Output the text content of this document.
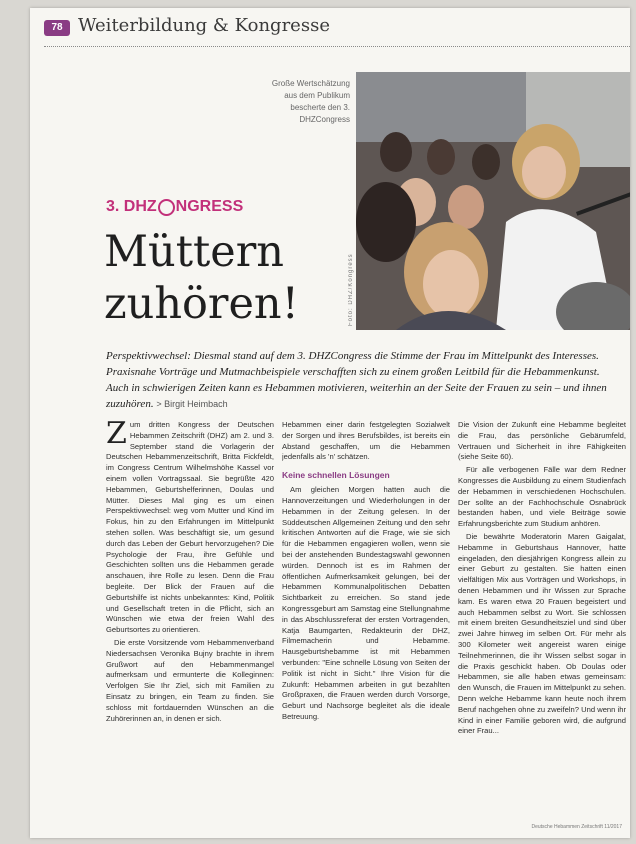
78 Weiterbildung & Kongresse
Große Wertschätzung aus dem Publikum bescherte den 3. DHZCongress
Foto: DHZ/Kongress
3. DHZ NGRESS
Müttern
zuhören!
Perspektivwechsel: Diesmal stand auf dem 3. DHZCongress die Stimme der Frau im Mittelpunkt des Interesses. Praxisnahe Vorträge und Mutmachbeispiele verschafften sich zu einem großen Leitbild für die Hebammenkunst. Auch in schwierigen Zeiten kann es Hebammen motivieren, weiterhin an der Seite der Frauen zu sein – und ihnen zuzuhören. > Birgit Heimbach

Zum dritten Kongress der Deutschen Hebammen Zeitschrift (DHZ) am 2. und 3. September stand die Vorlagerin der Deutschen Hebammenzeitschrift, Britta Fickfeldt, im Congress Centrum Wilhelmshöhe Kassel vor einem vollen Vortragssaal. Sie begrüßte 420 Hebammen, Geburtshelferinnen, Doulas und Mütter. Dieses Mal ging es um einen Perspektivwechsel: weg vom Mutter und Kind im Fokus, hin zu den Erfahrungen im Mittelpunkt stehen sollen. Was beschäftigt sie, um gesund durch das Leben der Geburt hervorzugehen? Die Psychologie der Frau, ihre Gefühle und Geschichten sollten uns die Hebammen gerade anschauen, ihre Rolle zu lesen. Denn die Frau begleite. Der Blick der Frauen auf die Geburtshilfe ist nichts unbekanntes: Kind, Politik und Gesellschaft treten in die Pflicht, sich an Wünschen wie etwa der freien Wahl des Geburtsortes zu orientieren.

Die erste Vorsitzende vom Hebammenverband Niedersachsen Veronika Bujny brachte in ihrem Grußwort auf den Hebammenmangel aufmerksam und ermunterte die Kolleginnen: Verfolgen Sie Ihr Ziel, sich mit Familien zu Einsatz zu bringen, ein Team zu finden. Sie schloss mit fortdauernden Wünschen an die Zuhörerinnen an, in denen er sich.

Hebammen einer darin festgelegten Sozialwelt der Sorgen und ihres Berufsbildes, ist bereits ein Abstand geschaffen, um die Hebammen jedenfalls als 'n' schätzen.

Keine schnellen Lösungen

Am gleichen Morgen hatten auch die Hannoverzeitungen und Wiederholungen in der Hebammen in der Zeitung gelesen. In der Süddeutschen Allgemeinen Zeitung und den sehr kritischen Antworten auf die Frage, wie sie sich für die Hebammen engagieren wollen, wenn sie bei der anstehenden Bundestagswahl gewonnen würden. Dennoch ist es im Rahmen der öffentlichen Aufmerksamkeit gelungen, bei der Hebammen Kommunalpolitischen Debatten Sichtbarkeit zu erreichen. So stand jede Kongressgeburt am Samstag eine Stellungnahme in das Abschlussreferat der ersten Vortragenden, Katja Baumgarten, Redakteurin der DHZ, Filmemacherin und Hebamme. Hausgeburtshebamme ist mit Hebammen verbunden: "Eine schnelle Lösung von Seiten der Politik ist nicht in Sicht." Ihre Vision für die Zukunft: Hebammen arbeiten in gut bezahlten Großpraxen, die Frauen werden durch Vorsorge, Geburt und Nachsorge begleitet als die ideale Betreuung.

Die Vision der Zukunft eine Hebamme begleitet die Frau, das persönliche Gebärumfeld, Vertrauen und Sicherheit in ihre Fähigkeiten (siehe Seite 60).

Für alle verbogenen Fälle war dem Redner Kongresses die Ausbildung zu einem Studienfach der Hebammen in verschiedenen Hochschulen. Der sollte an der Fachhochschule Osnabrück bestanden haben, und viele Beiträge sowie Erfahrungsberichte zum Studium anhören.

Die bewährte Moderatorin Maren Gaigalat, Hebamme in Geburtshaus Hannover, hatte eingeladen, den diesjährigen Kongress allein zu einer Geburt zu gestalten. Sie hatten einen vielfältigen Mix aus Vorträgen und Workshops, in denen Hebammen und ihr Wissen zur Sprache kam. Es waren etwa 20 Frauen begeistert und auch Hebammen selbst zu Wort. Sie schlossen mit einem breiten Gesundheitsziel und sind über zwei Jahre hinweg im selben Ort. Für mehr als 300 Kilometer weit angereist waren einige Teilnehmerinnen, die ihr Wissen selbst sogar in die Praxis geschickt haben. Ob Doulas oder Hebammen, sie alle haben etwas gemeinsam: den Wunsch, die Frauen im Mittelpunkt zu sehen. Denn welche Hebamme kann heute noch ihrem Beruf nachgehen ohne zu zweifeln? Und wenn ihr Kind in einer Familie geboren wird, die aufgrund einer Frau...

Deutsche Hebammen Zeitschrift 11/2017
